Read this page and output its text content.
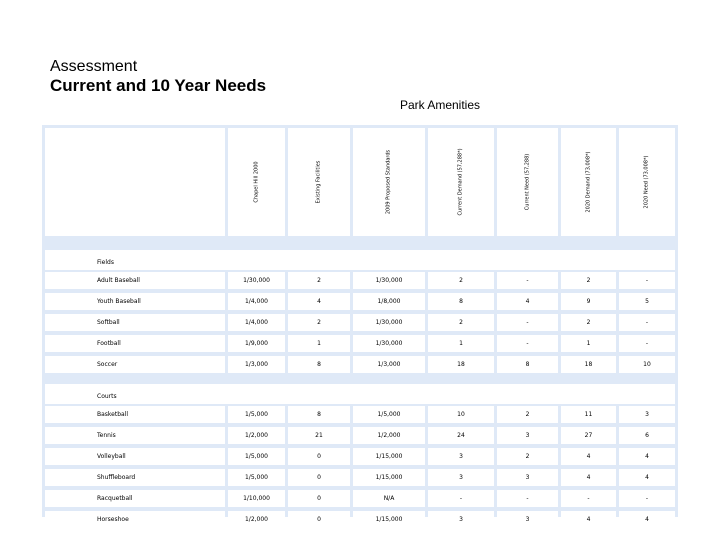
Assessment
Current and 10 Year Needs
Park Amenities
Chapel Hill 2000	Existing Facilities	2009 Proposed Standards	Current Demand (57,288*)	Current Need (57,288)	2020 Demand (73,008*)	2020 Need (73,008*)
Fields
Adult Baseball	1/30,000	2	1/30,000	2	-	2	-
Youth Baseball	1/4,000	4	1/8,000	8	4	9	5
Softball	1/4,000	2	1/30,000	2	-	2	-
Football	1/9,000	1	1/30,000	1	-	1	-
Soccer	1/3,000	8	1/3,000	18	8	18	10
Courts
Basketball	1/5,000	8	1/5,000	10	2	11	3
Tennis	1/2,000	21	1/2,000	24	3	27	6
Volleyball	1/5,000	0	1/15,000	3	2	4	4
Shuffleboard	1/5,000	0	1/15,000	3	3	4	4
Racquetball	1/10,000	0	N/A	-	-	-	-
Horseshoe	1/2,000	0	1/15,000	3	3	4	4
